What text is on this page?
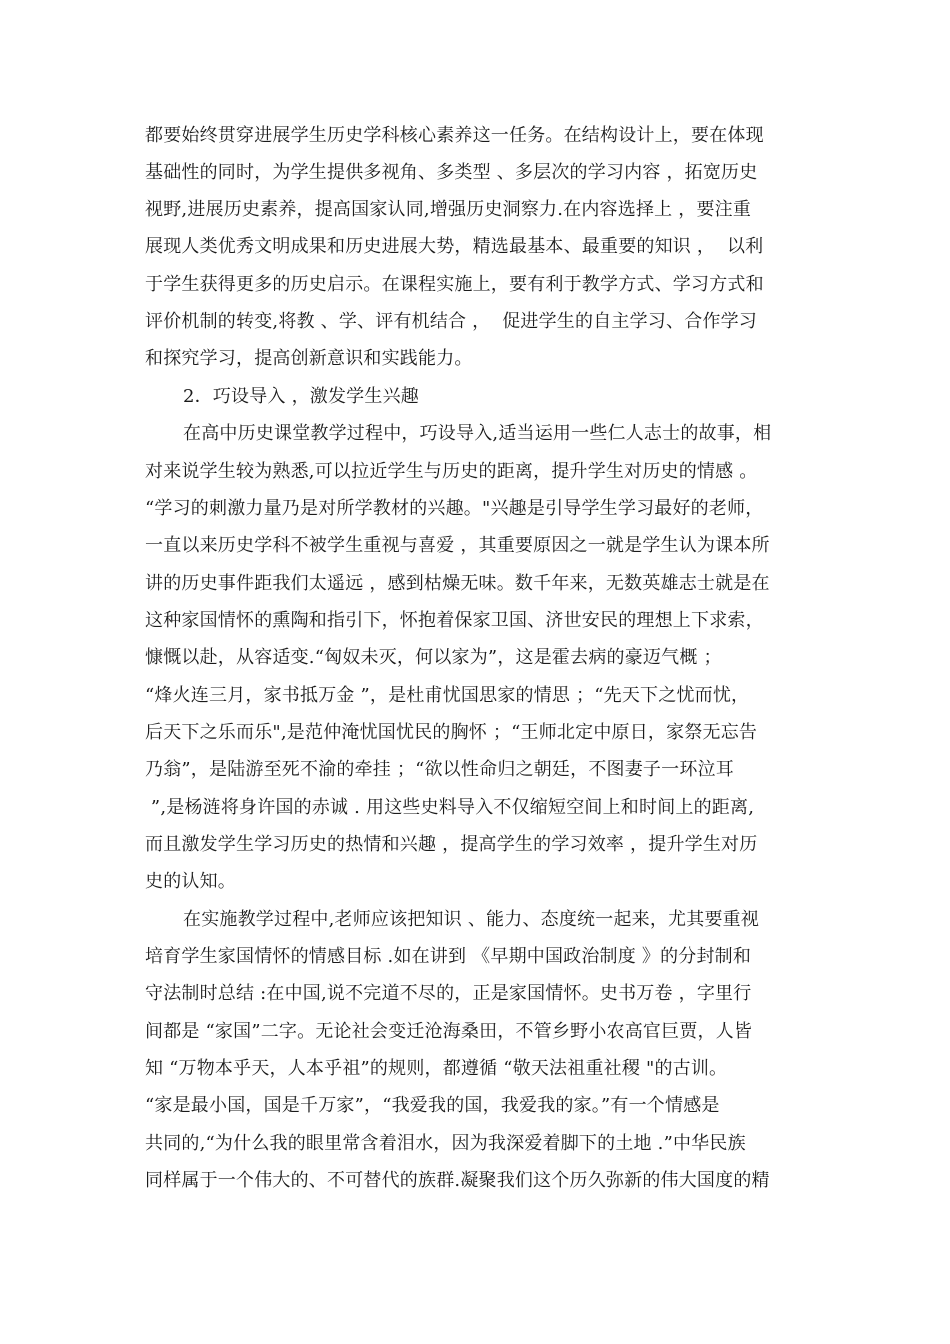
都要始终贯穿进展学生历史学科核心素养这一任务。在结构设计上，要在体现
基础性的同时，为学生提供多视角、多类型 、多层次的学习内容 ，拓宽历史
视野,进展历史素养，提高国家认同,增强历史洞察力.在内容选择上 ，要注重
展现人类优秀文明成果和历史进展大势，精选最基本、最重要的知识 ，  以利
于学生获得更多的历史启示。在课程实施上，要有利于教学方式、学习方式和
评价机制的转变,将教 、学、评有机结合 ，  促进学生的自主学习、合作学习
和探究学习，提高创新意识和实践能力。
2．巧设导入 ，激发学生兴趣
在高中历史课堂教学过程中，巧设导入,适当运用一些仁人志士的故事，相
对来说学生较为熟悉,可以拉近学生与历史的距离，提升学生对历史的情感 。
“学习的刺激力量乃是对所学教材的兴趣。"兴趣是引导学生学习最好的老师，
一直以来历史学科不被学生重视与喜爱 ，其重要原因之一就是学生认为课本所
讲的历史事件距我们太遥远 ，感到枯燥无味。数千年来，无数英雄志士就是在
这种家国情怀的熏陶和指引下，怀抱着保家卫国、济世安民的理想上下求索，
慷慨以赴，从容适变.“匈奴未灭，何以家为”，这是霍去病的豪迈气概 ；
“烽火连三月，家书抵万金 ”，是杜甫忧国思家的情思 ；“先天下之忧而忧，
后天下之乐而乐",是范仲淹忧国忧民的胸怀 ；“王师北定中原日，家祭无忘告
乃翁”，是陆游至死不渝的牵挂 ；“欲以性命归之朝廷，不图妻子一环泣耳
”,是杨涟将身许国的赤诚 . 用这些史料导入不仅缩短空间上和时间上的距离,
而且激发学生学习历史的热情和兴趣 ，提高学生的学习效率 ，提升学生对历
史的认知。
在实施教学过程中,老师应该把知识 、能力、态度统一起来，尤其要重视
培育学生家国情怀的情感目标 .如在讲到 《早期中国政治制度 》的分封制和
守法制时总结 :在中国,说不完道不尽的，正是家国情怀。史书万卷 ，字里行
间都是 “家国”二字。无论社会变迁沧海桑田，不管乡野小农高官巨贾，人皆
知 “万物本乎天，人本乎祖”的规则，都遵循 “敬天法祖重社稷 "的古训。
“家是最小国，国是千万家”，“我爱我的国，我爱我的家。”有一个情感是
共同的,“为什么我的眼里常含着泪水，因为我深爱着脚下的土地 .”中华民族
同样属于一个伟大的、不可替代的族群.凝聚我们这个历久弥新的伟大国度的精
